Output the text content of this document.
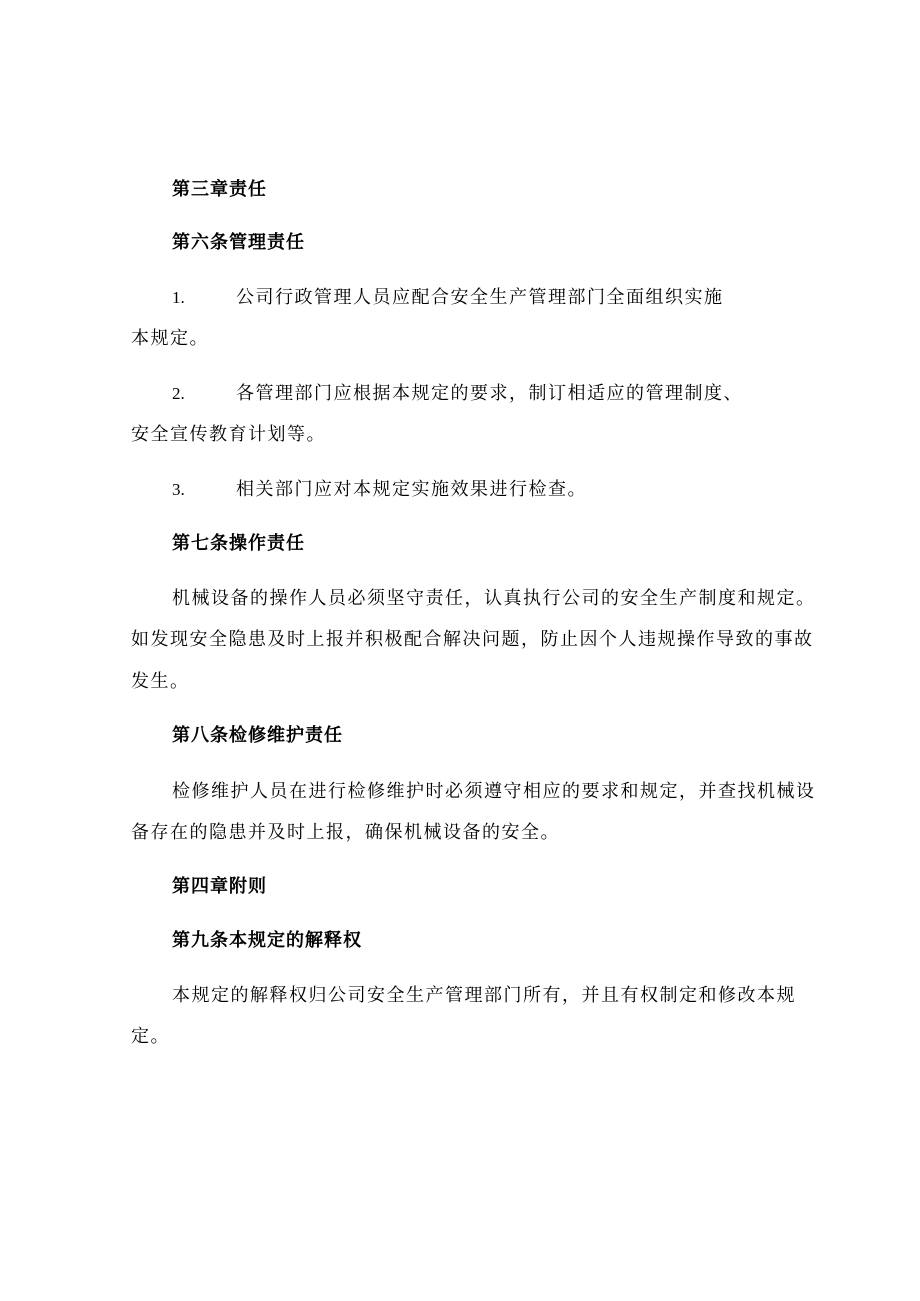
第三章责任
第六条管理责任
1.	公司行政管理人员应配合安全生产管理部门全面组织实施
本规定。
2.	各管理部门应根据本规定的要求，制订相适应的管理制度、
安全宣传教育计划等。
3.	相关部门应对本规定实施效果进行检查。
第七条操作责任
机械设备的操作人员必须坚守责任，认真执行公司的安全生产制度和规定。
如发现安全隐患及时上报并积极配合解决问题，防止因个人违规操作导致的事故
发生。
第八条检修维护责任
检修维护人员在进行检修维护时必须遵守相应的要求和规定，并查找机械设
备存在的隐患并及时上报，确保机械设备的安全。
第四章附则
第九条本规定的解释权
本规定的解释权归公司安全生产管理部门所有，并且有权制定和修改本规
定。
